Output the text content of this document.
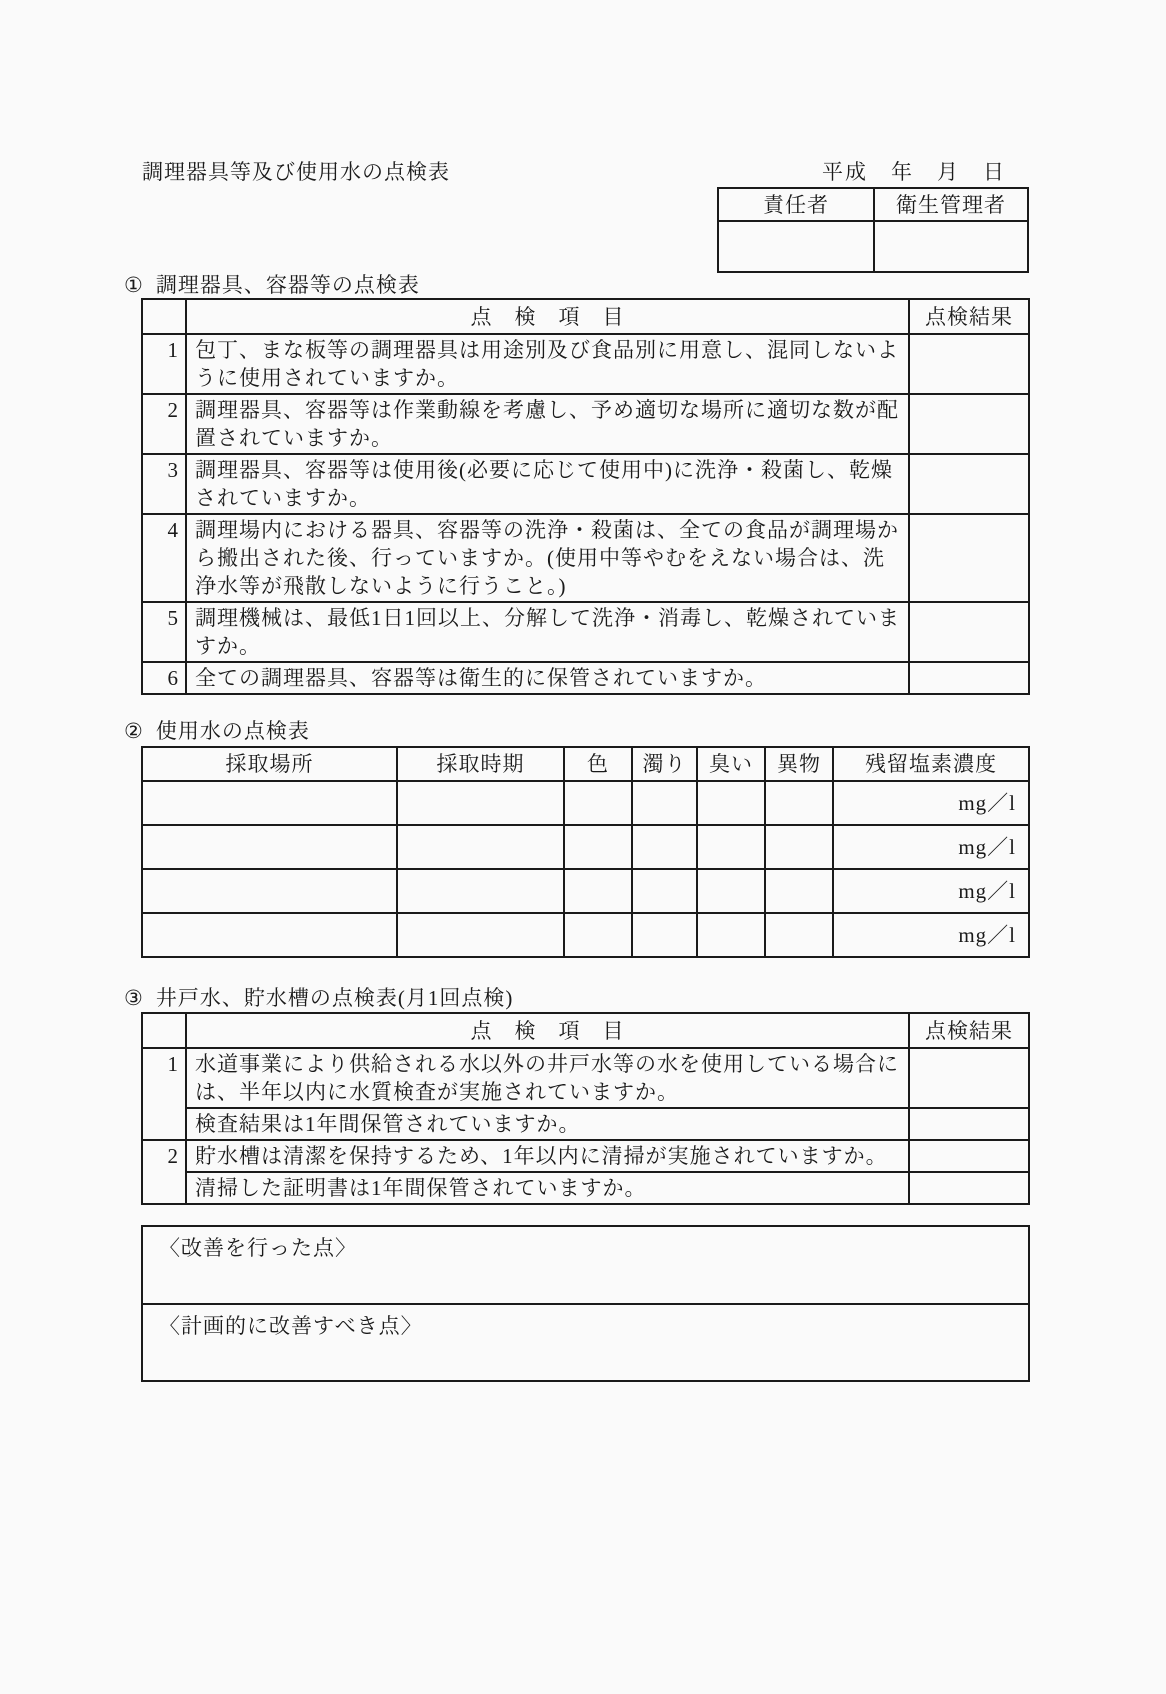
調理器具等及び使用水の点検表	平成　年　月　日
責任者	衛生管理者

① 調理器具、容器等の点検表
	点　検　項　目	点検結果
1	包丁、まな板等の調理器具は用途別及び食品別に用意し、混同しないように使用されていますか。	
2	調理器具、容器等は作業動線を考慮し、予め適切な場所に適切な数が配置されていますか。	
3	調理器具、容器等は使用後(必要に応じて使用中)に洗浄・殺菌し、乾燥されていますか。	
4	調理場内における器具、容器等の洗浄・殺菌は、全ての食品が調理場から搬出された後、行っていますか。(使用中等やむをえない場合は、洗浄水等が飛散しないように行うこと。)	
5	調理機械は、最低1日1回以上、分解して洗浄・消毒し、乾燥されていますか。	
6	全ての調理器具、容器等は衛生的に保管されていますか。	
② 使用水の点検表
採取場所	採取時期	色	濁り	臭い	異物	残留塩素濃度
						mg／l
						mg／l
						mg／l
						mg／l
③ 井戸水、貯水槽の点検表(月1回点検)
	点　検　項　目	点検結果
1	水道事業により供給される水以外の井戸水等の水を使用している場合には、半年以内に水質検査が実施されていますか。	
	検査結果は1年間保管されていますか。	
2	貯水槽は清潔を保持するため、1年以内に清掃が実施されていますか。	
	清掃した証明書は1年間保管されていますか。	
〈改善を行った点〉
〈計画的に改善すべき点〉
